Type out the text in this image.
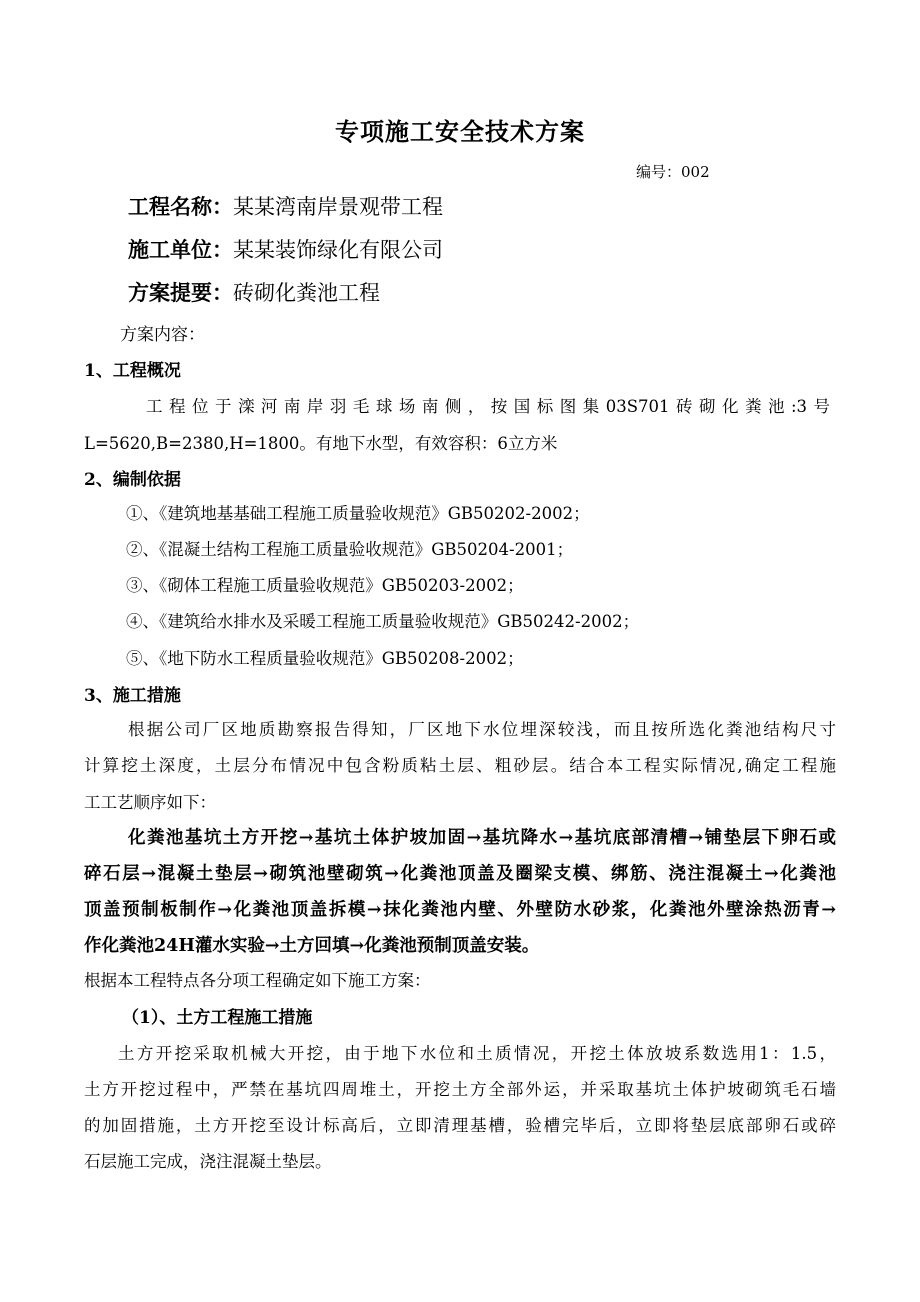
专项施工安全技术方案
编号：002
工程名称：某某湾南岸景观带工程
施工单位：某某装饰绿化有限公司
方案提要：砖砌化粪池工程
方案内容：
1、工程概况
工程位于滦河南岸羽毛球场南侧，按国标图集03S701砖砌化粪池:3号
L=5620,B=2380,H=1800。有地下水型，有效容积：6立方米
2、编制依据
①、《建筑地基基础工程施工质量验收规范》GB50202-2002；
②、《混凝土结构工程施工质量验收规范》GB50204-2001；
③、《砌体工程施工质量验收规范》GB50203-2002；
④、《建筑给水排水及采暖工程施工质量验收规范》GB50242-2002；
⑤、《地下防水工程质量验收规范》GB50208-2002；
3、施工措施
根据公司厂区地质勘察报告得知，厂区地下水位埋深较浅，而且按所选化粪池结构尺寸
计算挖土深度，土层分布情况中包含粉质粘土层、粗砂层。结合本工程实际情况,确定工程施
工工艺顺序如下：
化粪池基坑土方开挖→基坑土体护坡加固→基坑降水→基坑底部清槽→铺垫层下卵石或
碎石层→混凝土垫层→砌筑池壁砌筑→化粪池顶盖及圈梁支模、绑筋、浇注混凝土→化粪池
顶盖预制板制作→化粪池顶盖拆模→抹化粪池内壁、外壁防水砂浆，化粪池外壁涂热沥青→
作化粪池24H灌水实验→土方回填→化粪池预制顶盖安装。
根据本工程特点各分项工程确定如下施工方案：
（1）、土方工程施工措施
土方开挖采取机械大开挖，由于地下水位和土质情况，开挖土体放坡系数选用1：1.5，
土方开挖过程中，严禁在基坑四周堆土，开挖土方全部外运，并采取基坑土体护坡砌筑毛石墙
的加固措施，土方开挖至设计标高后，立即清理基槽，验槽完毕后，立即将垫层底部卵石或碎
石层施工完成，浇注混凝土垫层。
